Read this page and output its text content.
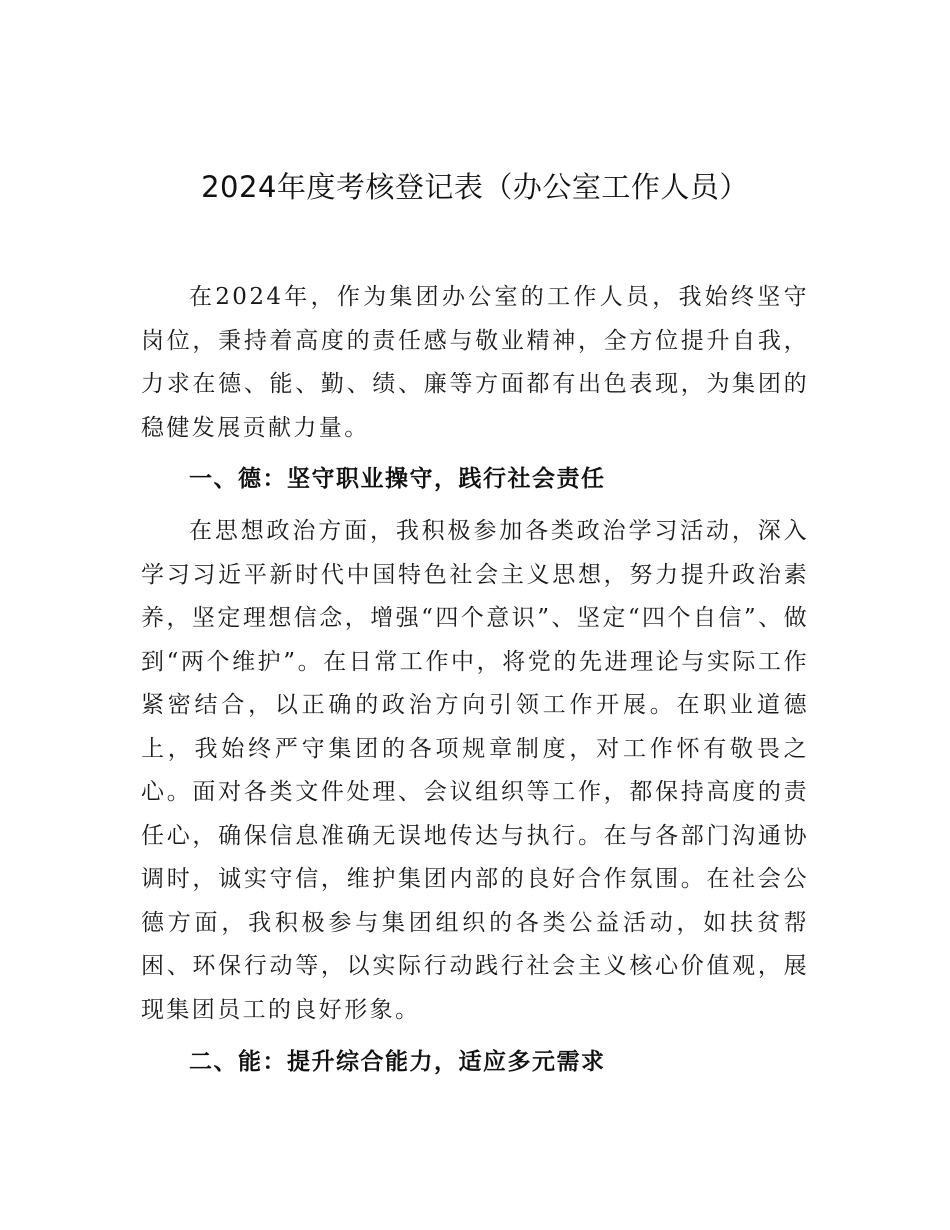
2024年度考核登记表（办公室工作人员）

在2024年，作为集团办公室的工作人员，我始终坚守岗位，秉持着高度的责任感与敬业精神，全方位提升自我，力求在德、能、勤、绩、廉等方面都有出色表现，为集团的稳健发展贡献力量。

一、德：坚守职业操守，践行社会责任

在思想政治方面，我积极参加各类政治学习活动，深入学习习近平新时代中国特色社会主义思想，努力提升政治素养，坚定理想信念，增强“四个意识”、坚定“四个自信”、做到“两个维护”。在日常工作中，将党的先进理论与实际工作紧密结合，以正确的政治方向引领工作开展。在职业道德上，我始终严守集团的各项规章制度，对工作怀有敬畏之心。面对各类文件处理、会议组织等工作，都保持高度的责任心，确保信息准确无误地传达与执行。在与各部门沟通协调时，诚实守信，维护集团内部的良好合作氛围。在社会公德方面，我积极参与集团组织的各类公益活动，如扶贫帮困、环保行动等，以实际行动践行社会主义核心价值观，展现集团员工的良好形象。

二、能：提升综合能力，适应多元需求
